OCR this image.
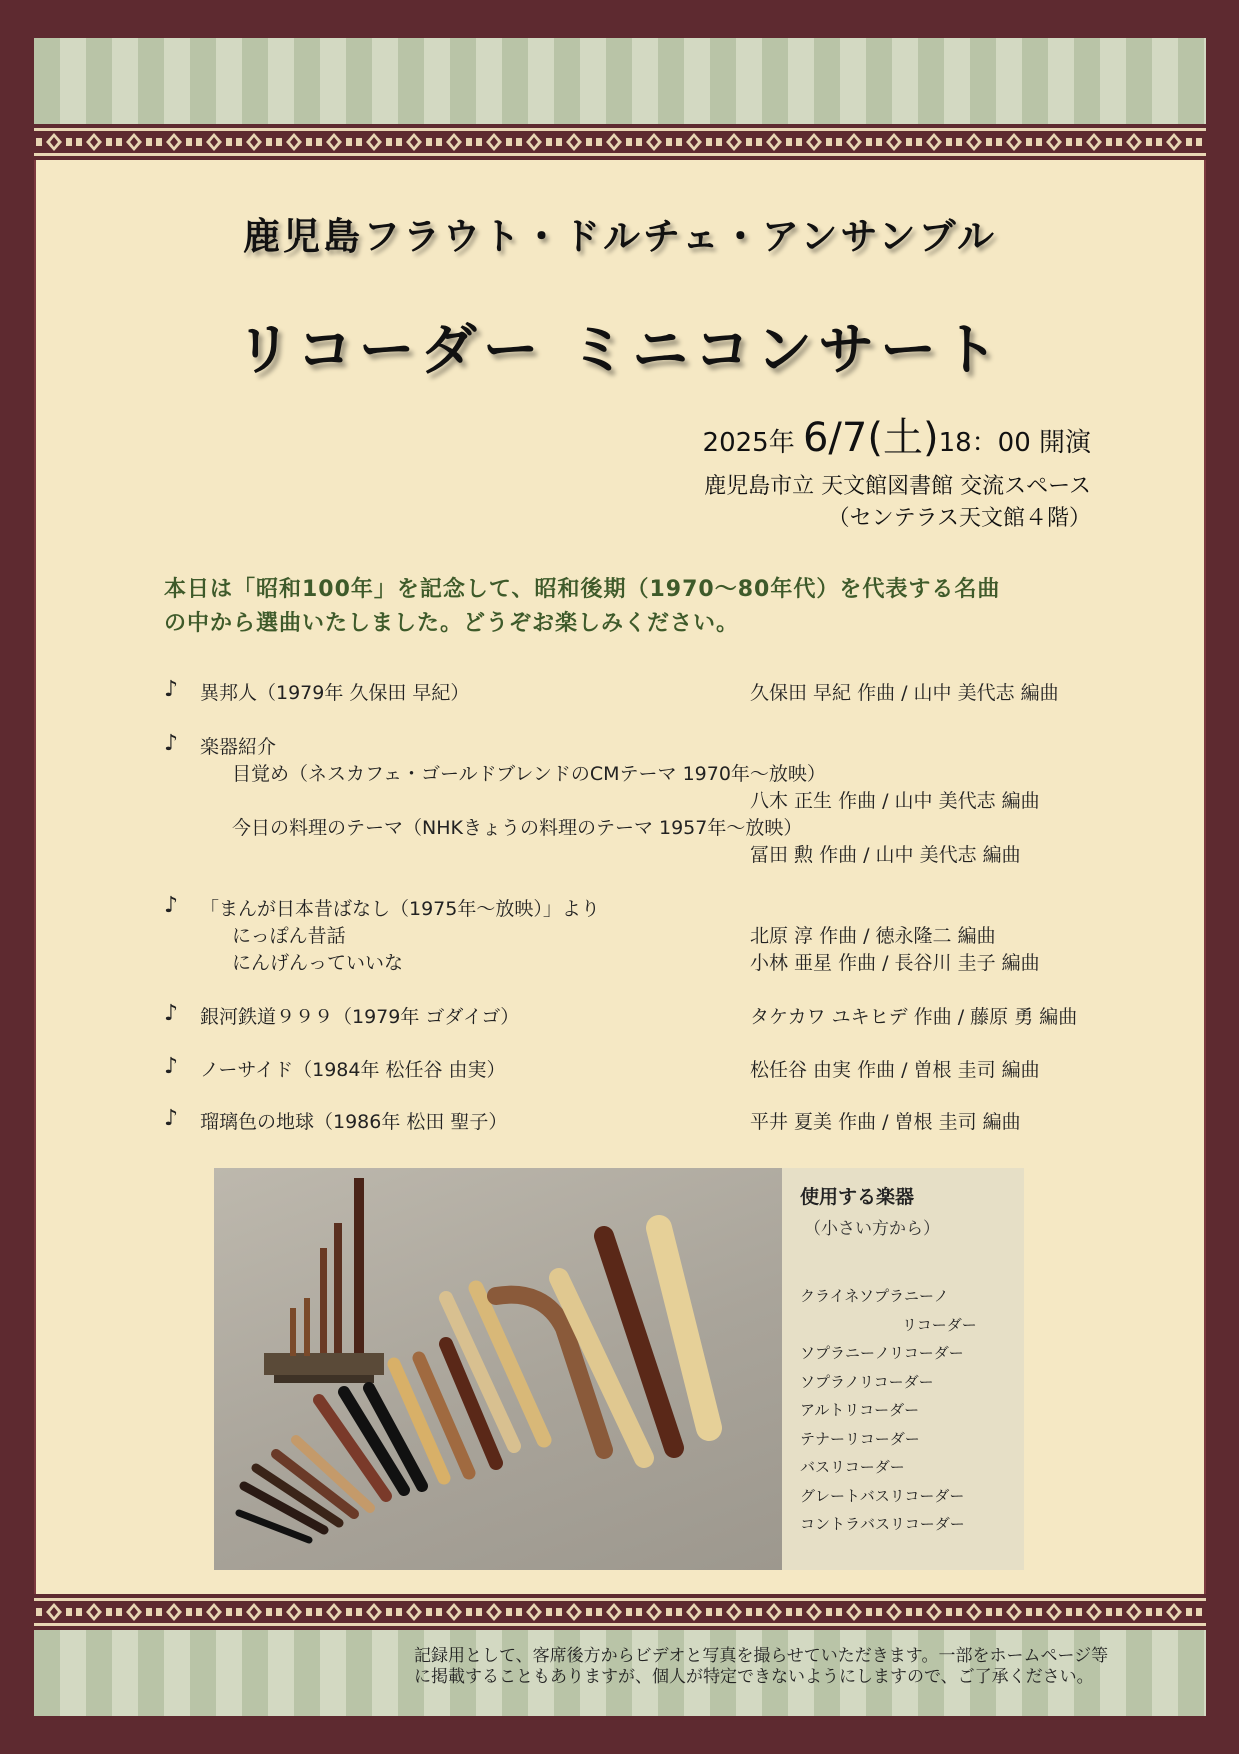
鹿児島フラウト・ドルチェ・アンサンブル
リコーダー ミニコンサート
2025年 6/7(土)18：00 開演
鹿児島市立 天文館図書館 交流スペース
（センテラス天文館４階）
本日は「昭和100年」を記念して、昭和後期（1970～80年代）を代表する名曲
の中から選曲いたしました。どうぞお楽しみください。
♪ 異邦人（1979年 久保田 早紀）	久保田 早紀 作曲 / 山中 美代志 編曲
♪ 楽器紹介
目覚め（ネスカフェ・ゴールドブレンドのCMテーマ 1970年～放映）
八木 正生 作曲 / 山中 美代志 編曲
今日の料理のテーマ（NHKきょうの料理のテーマ 1957年～放映）
冨田 勲 作曲 / 山中 美代志 編曲
♪ 「まんが日本昔ばなし（1975年～放映）」より
にっぽん昔話	北原 淳 作曲 / 徳永隆二 編曲
にんげんっていいな	小林 亜星 作曲 / 長谷川 圭子 編曲
♪ 銀河鉄道９９９（1979年 ゴダイゴ）	タケカワ ユキヒデ 作曲 / 藤原 勇 編曲
♪ ノーサイド（1984年 松任谷 由実）	松任谷 由実 作曲 / 曽根 圭司 編曲
♪ 瑠璃色の地球（1986年 松田 聖子）	平井 夏美 作曲 / 曽根 圭司 編曲
使用する楽器
（小さい方から）
クライネソプラニーノ
リコーダー
ソプラニーノリコーダー
ソプラノリコーダー
アルトリコーダー
テナーリコーダー
バスリコーダー
グレートバスリコーダー
コントラバスリコーダー
記録用として、客席後方からビデオと写真を撮らせていただきます。一部をホームページ等
に掲載することもありますが、個人が特定できないようにしますので、ご了承ください。
